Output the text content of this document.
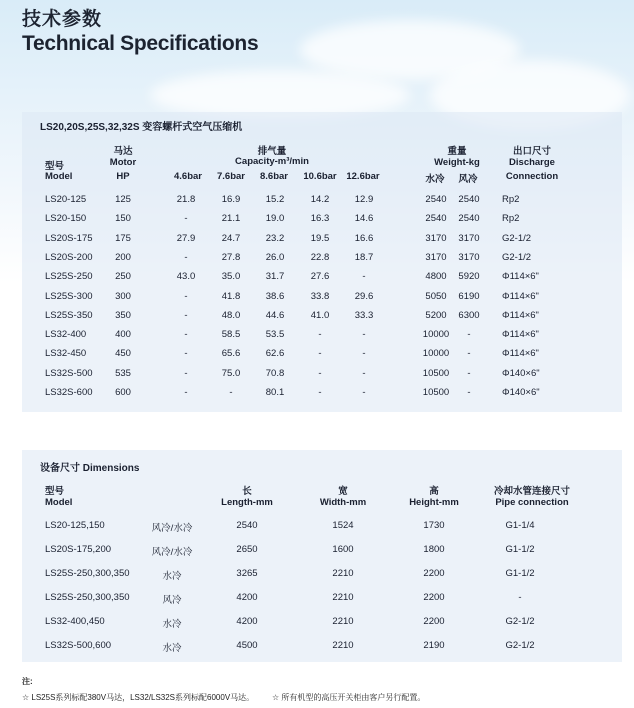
技术参数
Technical Specifications
LS20,20S,25S,32,32S 变容螺杆式空气压缩机
型号
Model
马达
Motor
HP
排气量
Capacity-m³/min
4.6bar 7.6bar 8.6bar 10.6bar 12.6bar
重量
Weight-kg
水冷 风冷
出口尺寸
Discharge
Connection
LS20-125	125	21.8	16.9	15.2	14.2	12.9	2540 2540 Rp2
LS20-150	150	-	21.1	19.0	16.3	14.6	2540 2540 Rp2
LS20S-175 175	27.9	24.7	23.2	19.5	16.6	3170 3170 G2-1/2
LS20S-200 200	-	27.8	26.0	22.8	18.7	3170 3170 G2-1/2
LS25S-250 250	43.0	35.0	31.7	27.6	-	4800 5920 Φ114×6"
LS25S-300 300	-	41.8	38.6	33.8	29.6	5050 6190 Φ114×6"
LS25S-350 350	-	48.0	44.6	41.0	33.3	5200 6300 Φ114×6"
LS32-400	400	-	58.5	53.5	-	-	10000 -	Φ114×6"
LS32-450	450	-	65.6	62.6	-	-	10000 -	Φ114×6"
LS32S-500 535	-	75.0	70.8	-	-	10500 -	Φ140×6"
LS32S-600 600	-	-	80.1	-	-	10500 -	Φ140×6"
设备尺寸 Dimensions
型号
Model
长
Length-mm
宽
Width-mm
高
Height-mm
冷却水管连接尺寸
Pipe connection
LS20-125,150	风冷/水冷	2540	1524	1730	G1-1/4
LS20S-175,200	风冷/水冷	2650	1600	1800	G1-1/2
LS25S-250,300,350	水冷	3265	2210	2200	G1-1/2
LS25S-250,300,350	风冷	4200	2210	2200	-
LS32-400,450	水冷	4200	2210	2200	G2-1/2
LS32S-500,600	水冷	4500	2210	2190	G2-1/2
注:
☆ LS25S系列标配380V马达，LS32/LS32S系列标配6000V马达。 ☆ 所有机型的高压开关柜由客户另行配置。
